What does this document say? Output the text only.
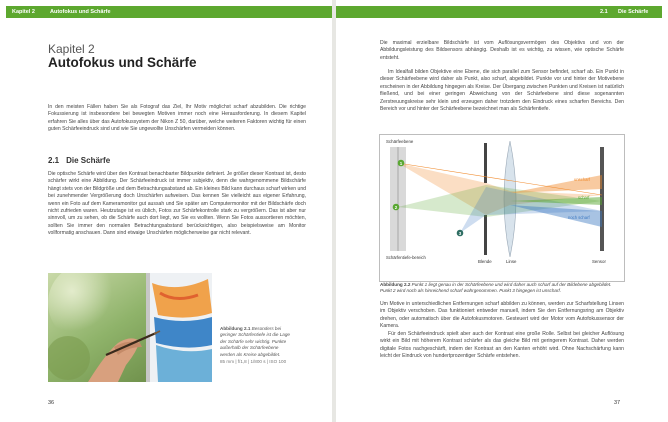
Kapitel 2	Autofokus und Schärfe
Kapitel 2
Autofokus und Schärfe
In den meisten Fällen haben Sie als Fotograf das Ziel, Ihr Motiv möglichst scharf abzubilden. Die richtige Fokussierung ist insbesondere bei bewegten Motiven immer noch eine Herausforderung. In diesem Kapitel erfahren Sie alles über das Autofokussystem der Nikon Z 50, darüber, welche weiteren Faktoren wichtig für einen guten Schärfeeindruck sind und wie Sie ungewollte Unschärfen vermeiden können.
2.1 Die Schärfe
Die optische Schärfe wird über den Kontrast benachbarter Bildpunkte definiert. Je größer dieser Kontrast ist, desto schärfer wirkt eine Abbildung. Der Schärfeeindruck ist immer subjektiv, denn die wahrgenommene Bildschärfe hängt stets von der Bildgröße und dem Betrachtungsabstand ab. Ein kleines Bild kann durchaus scharf wirken und bei zunehmender Vergrößerung doch Unschärfen aufweisen. Das kennen Sie vielleicht aus eigener Erfahrung, wenn ein Foto auf dem Kameramonitor gut aussah und Sie später am Computermonitor mit der Bildschärfe doch nicht zufrieden waren. Heutzutage ist es üblich, Fotos zur Schärfekontrolle stark zu vergrößern. Das ist aber nur sinnvoll, um zu sehen, ob die Schärfe auch dort liegt, wo Sie es wollten. Wenn Sie Fotos aussortieren möchten, sollten Sie immer den normalen Betrachtungsabstand berücksichtigen, also beispielsweise am Monitor vollformatig anschauen. Dann sind etwaige Unschärfen möglicherweise gar nicht relevant.
Abbildung 2.1 Besonders bei geringer Schärfentiefe ist die Lage der Schärfe sehr wichtig. Punkte außerhalb der Schärfeebene werden als Kreise abgebildet.
85 mm | f/1,8 | 1/800 s | ISO 100
36
2.1 Die Schärfe
Die maximal erzielbare Bildschärfe ist vom Auflösungsvermögen des Objektivs und von der Abbildungsleistung des Bildsensors abhängig. Deshalb ist es wichtig, zu wissen, wie optische Schärfe entsteht.
Im Idealfall bilden Objektive eine Ebene, die sich parallel zum Sensor befindet, scharf ab. Ein Punkt in dieser Schärfeebene wird daher als Punkt, also scharf, abgebildet. Punkte vor und hinter der Motivebene erscheinen in der Abbildung hingegen als Kreise. Der Übergang zwischen Punkten und Kreisen ist natürlich fließend, und bei einer geringen Abweichung von der Schärfeebene sind diese sogenannten Zerstreuungskreise sehr klein und erzeugen daher trotzdem den Eindruck eines scharfen Bereichs. Den Bereich vor und hinter der Schärfeebene bezeichnet man als Schärfentiefe.
1
2
3
Schärfeebene
Schärfentiefe-bereich
Blende	Linse	Sensor
unscharf
scharf
noch scharf
Abbildung 2.2 Punkt 1 liegt genau in der Schärfeebene und wird daher auch scharf auf der Bildebene abgebildet. Punkt 2 wird noch als hinreichend scharf wahrgenommen. Punkt 3 hingegen ist unscharf.
Um Motive in unterschiedlichen Entfernungen scharf abbilden zu können, werden zur Scharfstellung Linsen im Objektiv verschoben. Das funktioniert entweder manuell, indem Sie den Entfernungsring am Objektiv drehen, oder automatisch über die Autofokusmotoren. Gesteuert wird der Motor vom Autofokussensor der Kamera.
Für den Schärfeeindruck spielt aber auch der Kontrast eine große Rolle. Selbst bei gleicher Auflösung wirkt ein Bild mit höherem Kontrast schärfer als das gleiche Bild mit geringerem Kontrast. Daher werden digitale Fotos nachgeschärft, indem der Kontrast an den Kanten erhöht wird. Ohne Nachschärfung kann leicht der Eindruck von hundertprozentiger Schärfe entstehen.
37
